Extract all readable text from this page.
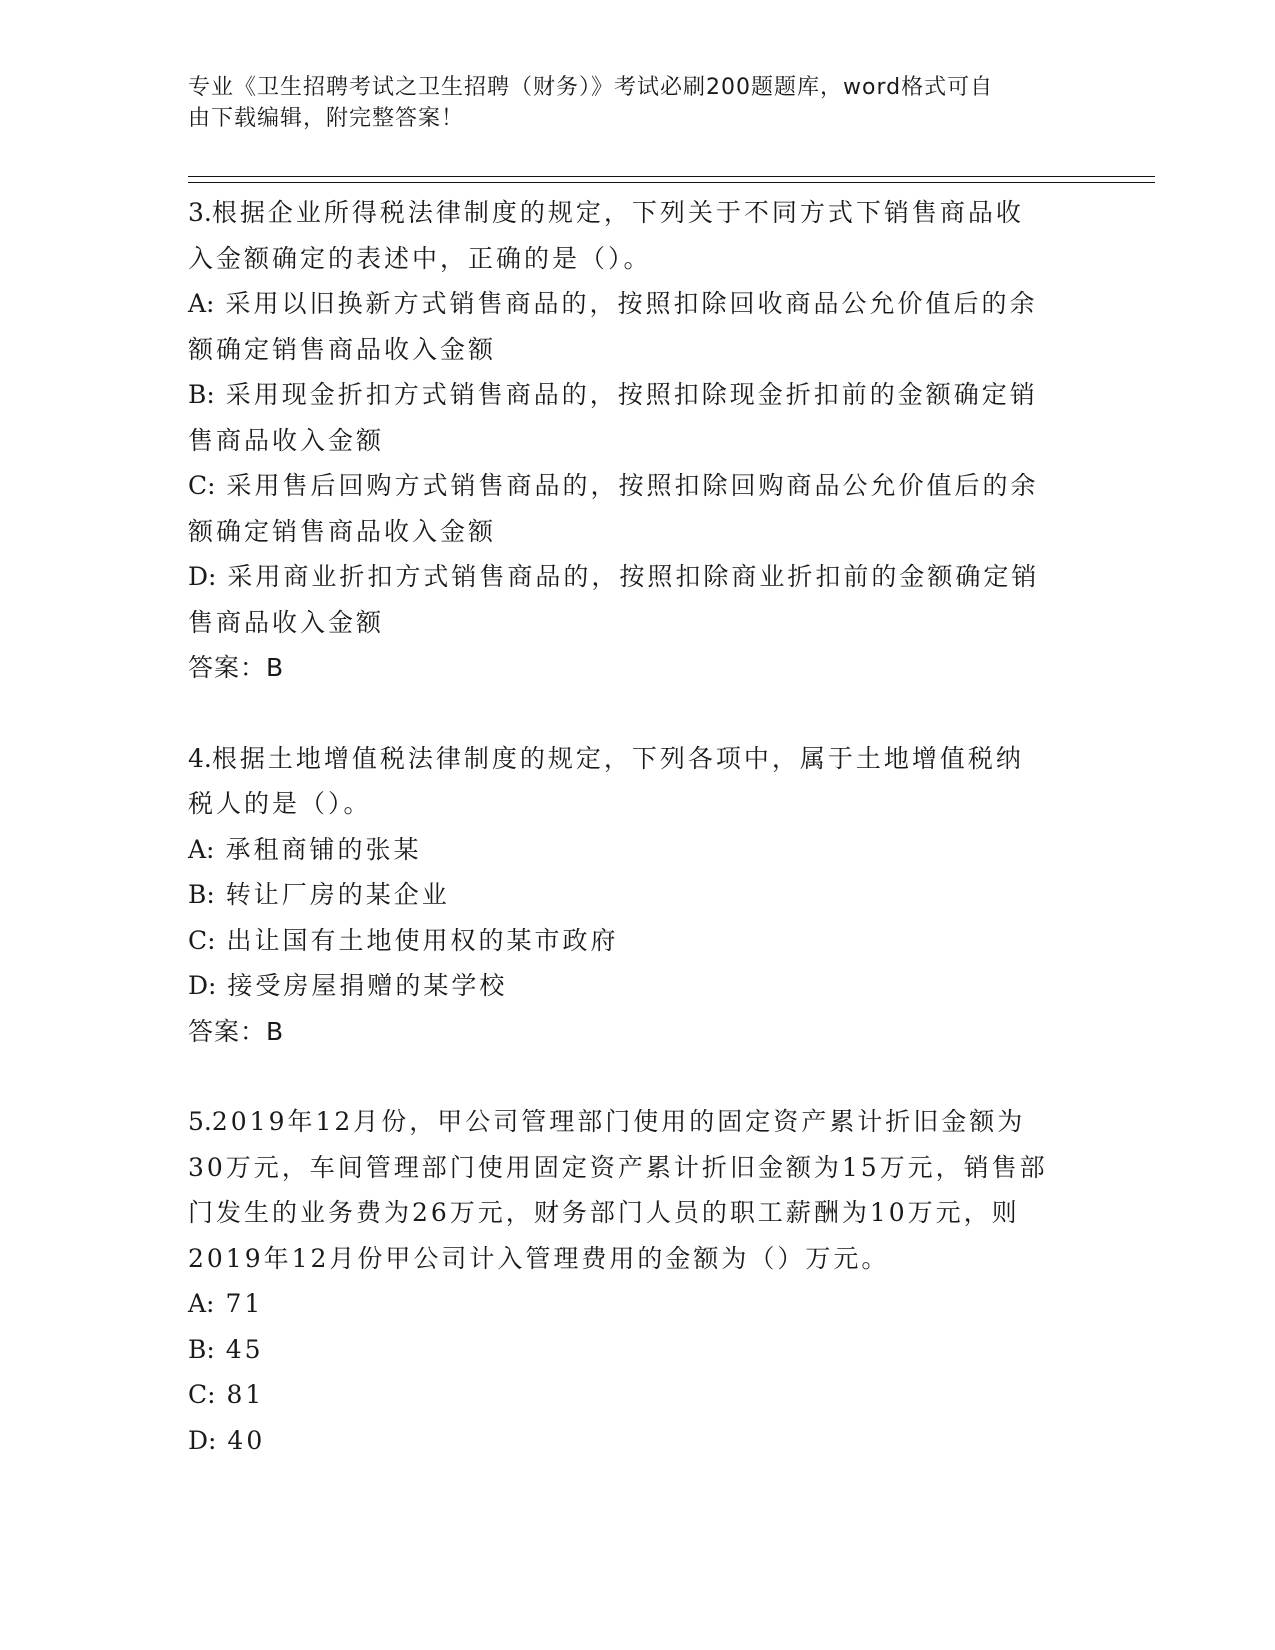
专业《卫生招聘考试之卫生招聘（财务）》考试必刷200题题库，word格式可自
由下载编辑，附完整答案！

3.根据企业所得税法律制度的规定，下列关于不同方式下销售商品收

入金额确定的表述中，正确的是（）。

A: 采用以旧换新方式销售商品的，按照扣除回收商品公允价值后的余

额确定销售商品收入金额

B: 采用现金折扣方式销售商品的，按照扣除现金折扣前的金额确定销

售商品收入金额

C: 采用售后回购方式销售商品的，按照扣除回购商品公允价值后的余

额确定销售商品收入金额

D: 采用商业折扣方式销售商品的，按照扣除商业折扣前的金额确定销

售商品收入金额

答案：B

4.根据土地增值税法律制度的规定，下列各项中，属于土地增值税纳

税人的是（）。

A: 承租商铺的张某

B: 转让厂房的某企业

C: 出让国有土地使用权的某市政府

D: 接受房屋捐赠的某学校

答案：B

5.2019年12月份，甲公司管理部门使用的固定资产累计折旧金额为

30万元，车间管理部门使用固定资产累计折旧金额为15万元，销售部

门发生的业务费为26万元，财务部门人员的职工薪酬为10万元，则

2019年12月份甲公司计入管理费用的金额为（）万元。

A: 71

B: 45

C: 81

D: 40
